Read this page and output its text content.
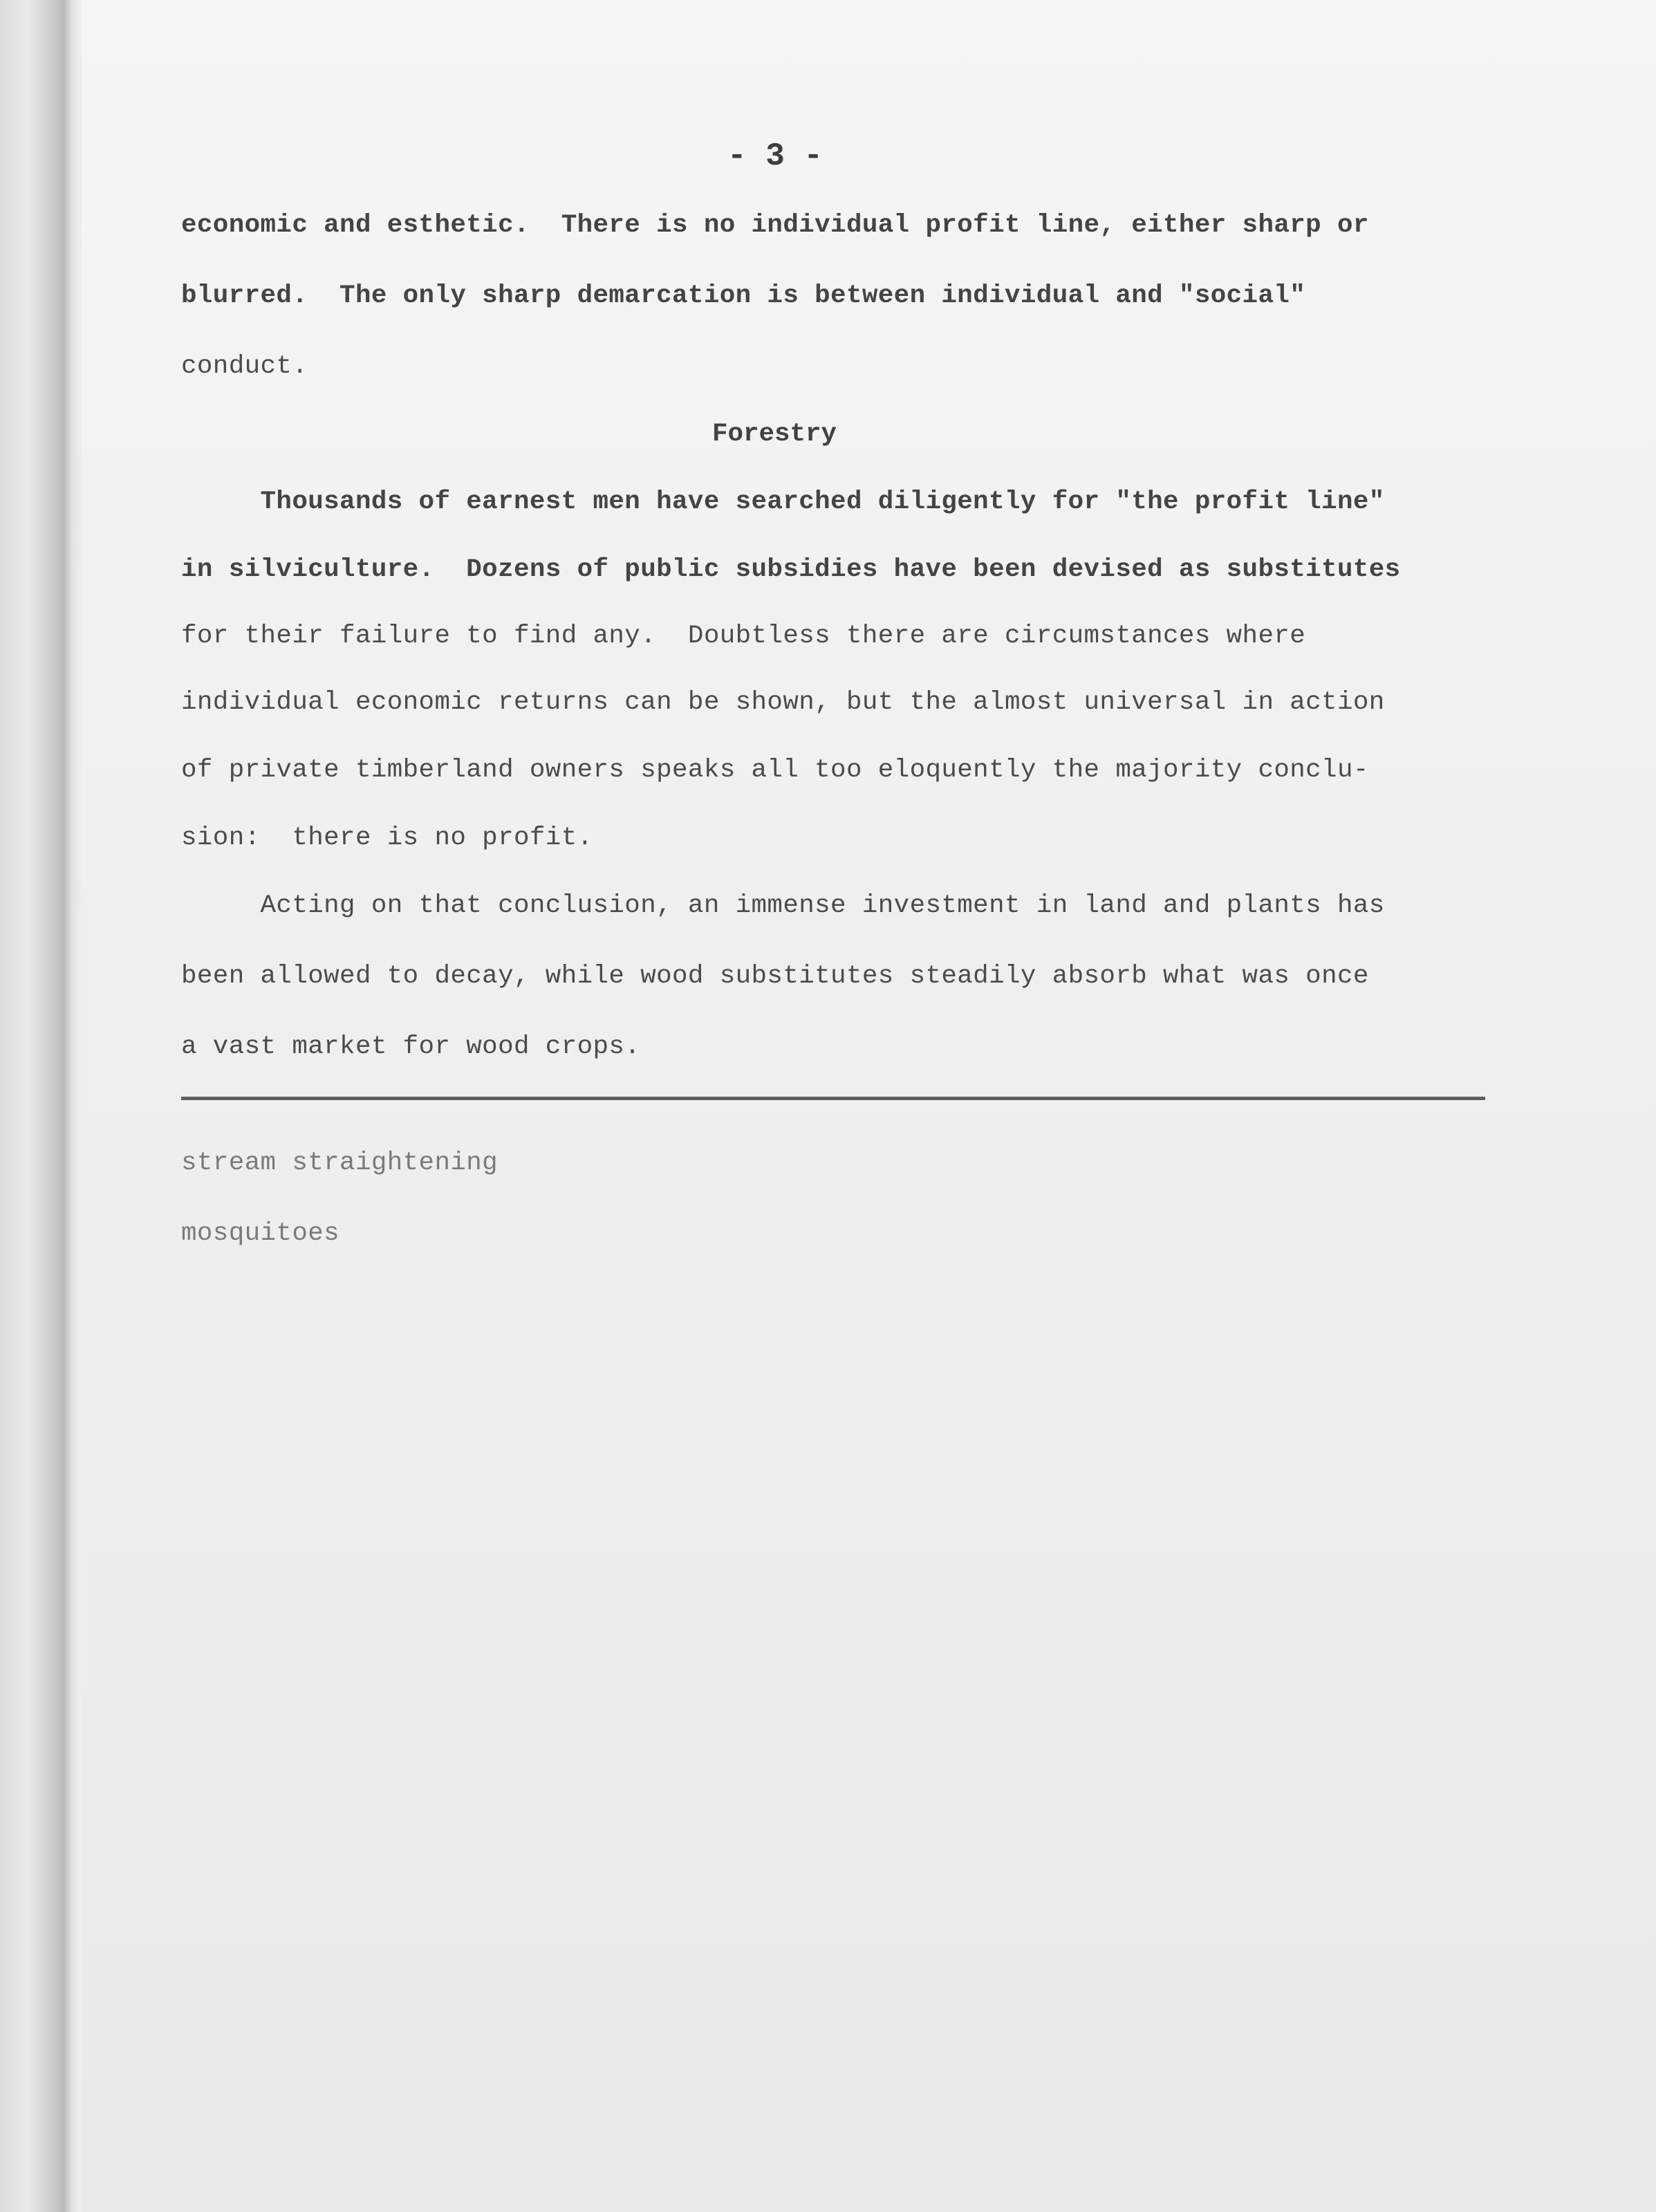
- 3 -
economic and esthetic.  There is no individual profit line, either sharp or
blurred.  The only sharp demarcation is between individual and "social"
conduct.
Forestry
Thousands of earnest men have searched diligently for "the profit line"
in silviculture.  Dozens of public subsidies have been devised as substitutes
for their failure to find any.  Doubtless there are circumstances where
individual economic returns can be shown, but the almost universal in action
of private timberland owners speaks all too eloquently the majority conclu-
sion:  there is no profit.
Acting on that conclusion, an immense investment in land and plants has
been allowed to decay, while wood substitutes steadily absorb what was once
a vast market for wood crops.
stream straightening
mosquitoes
